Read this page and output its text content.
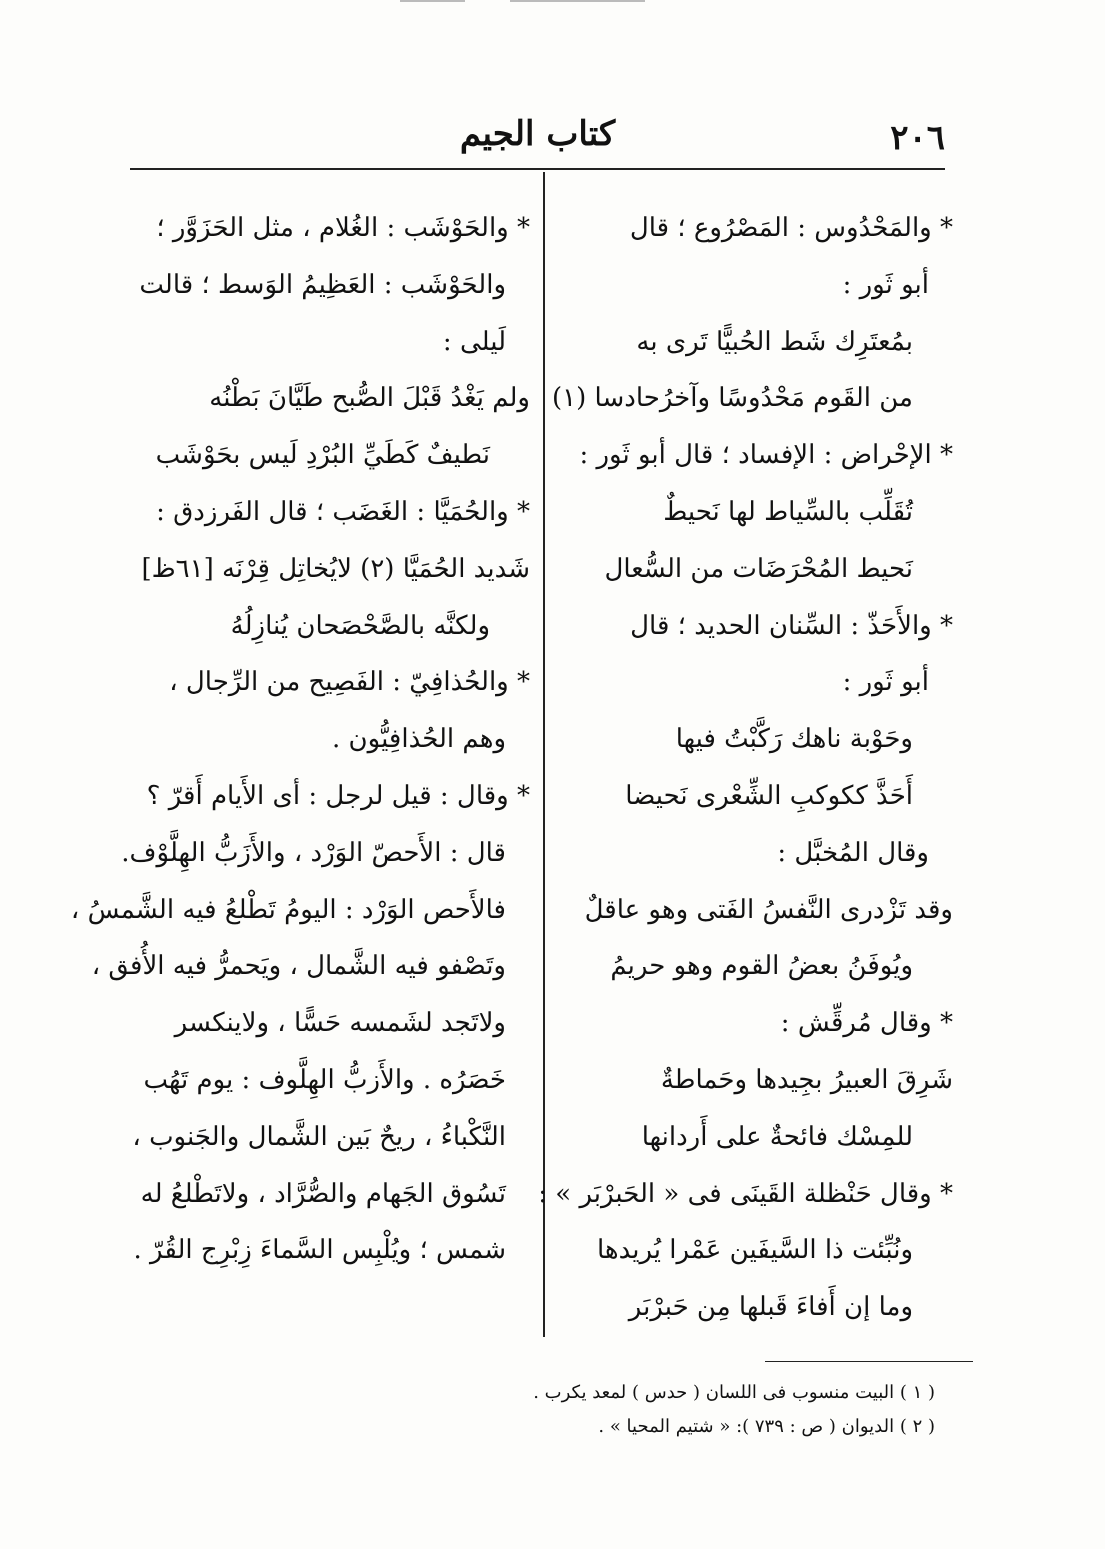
٢٠٦
كتاب الجيم
* والمَحْدُوس : المَصْرُوع ؛ قال
أبو ثَور :
بمُعتَرِك شَط الحُبيًّا تَرى به
من القَوم مَحْدُوسًا وآخرُحادسا (١)
* الإحْراض : الإفساد ؛ قال أبو ثَور :
تُقَلِّب بالسِّياط لها نَحيطٌ
نَحيط المُحْرَضَات من السُّعال
* والأَحَذّ : السِّنان الحديد ؛ قال
أبو ثَور :
وحَوْبة ناهك رَكَّبْتُ فيها
أَحَذَّ ككوكبِ الشِّعْرى نَحيضا
وقال المُخبَّل :
وقد تَزْدرى النَّفسُ الفَتى وهو عاقلٌ
ويُوفَنُ بعضُ القوم وهو حريمُ
* وقال مُرقِّش :
شَرِقَ العبيرُ بجِيدها وحَماطةٌ
للمِسْك فائحةٌ على أَردانها
* وقال حَنْظلة القَينَى فى « الحَبرْبَر » :
ونُبِّئت ذا السَّيفَين عَمْرا يُريدها
وما إن أَفاءَ قَبلها مِن حَبرْبَر
* والحَوْشَب : الغُلام ، مثل الحَزَوَّر ؛
والحَوْشَب : العَظِيمُ الوَسط ؛ قالت
لَيلى :
ولم يَغْدُ قَبْلَ الصُّبح طَيَّانَ بَطْنُه
نَطيفٌ كَطَيِّ البُرْدِ لَيس بحَوْشَب
* والحُمَيَّا : الغَضَب ؛ قال الفَرزدق :
شَديد الحُمَيَّا (٢) لايُخاتِل قِرْنَه [٦١ظ]
ولكنَّه بالصَّحْصَحان يُنازِلُهُ
* والحُذافِيّ : الفَصِيح من الرِّجال ،
وهم الحُذافِيُّون .
* وقال : قيل لرجل : أى الأَيام أَقرّ ؟
قال : الأَحصّ الوَرْد ، والأَزَبُّ الهِلَّوْف.
فالأَحص الوَرْد : اليومُ تَطْلعُ فيه الشَّمسُ ،
وتَصْفو فيه الشَّمال ، ويَحمرُّ فيه الأُفق ،
ولاتَجد لشَمسه حَسًّا ، ولاينكسر
خَصَرُه . والأَزبُّ الهِلَّوف : يوم تَهُب
النَّكْباءُ ، ريحٌ بَين الشَّمال والجَنوب ،
تَسُوق الجَهام والصُّرَّاد ، ولاتَطْلعُ له
شمس ؛ ويُلْبِس السَّماءَ زِبْرِج القُرّ .
( ١ ) البيت منسوب فى اللسان ( حدس ) لمعد يكرب .
( ٢ ) الديوان ( ص : ٧٣٩ ): « شتيم المحيا » .
